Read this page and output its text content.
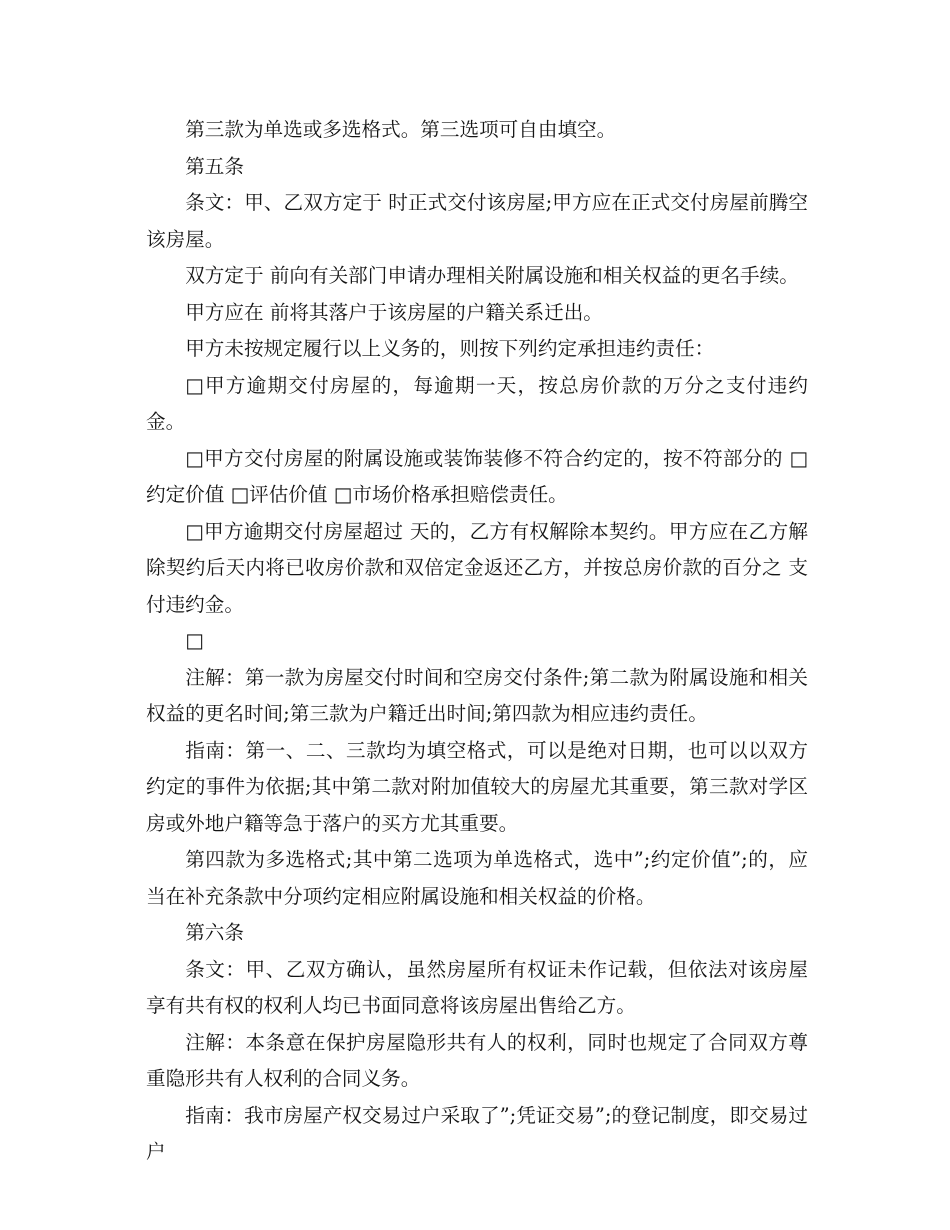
第三款为单选或多选格式。第三选项可自由填空。

第五条

条文：甲、乙双方定于 时正式交付该房屋;甲方应在正式交付房屋前腾空该房屋。

双方定于 前向有关部门申请办理相关附属设施和相关权益的更名手续。

甲方应在 前将其落户于该房屋的户籍关系迁出。

甲方未按规定履行以上义务的，则按下列约定承担违约责任：

□甲方逾期交付房屋的，每逾期一天，按总房价款的万分之支付违约金。

□甲方交付房屋的附属设施或装饰装修不符合约定的，按不符部分的 □约定价值 □评估价值 □市场价格承担赔偿责任。

□甲方逾期交付房屋超过 天的，乙方有权解除本契约。甲方应在乙方解除契约后天内将已收房价款和双倍定金返还乙方，并按总房价款的百分之 支付违约金。

□

注解：第一款为房屋交付时间和空房交付条件;第二款为附属设施和相关权益的更名时间;第三款为户籍迁出时间;第四款为相应违约责任。

指南：第一、二、三款均为填空格式，可以是绝对日期，也可以以双方约定的事件为依据;其中第二款对附加值较大的房屋尤其重要，第三款对学区房或外地户籍等急于落户的买方尤其重要。

第四款为多选格式;其中第二选项为单选格式，选中”;约定价值”;的，应当在补充条款中分项约定相应附属设施和相关权益的价格。

第六条

条文：甲、乙双方确认，虽然房屋所有权证未作记载，但依法对该房屋享有共有权的权利人均已书面同意将该房屋出售给乙方。

注解：本条意在保护房屋隐形共有人的权利，同时也规定了合同双方尊重隐形共有人权利的合同义务。

指南：我市房屋产权交易过户采取了”;凭证交易”;的登记制度，即交易过户
